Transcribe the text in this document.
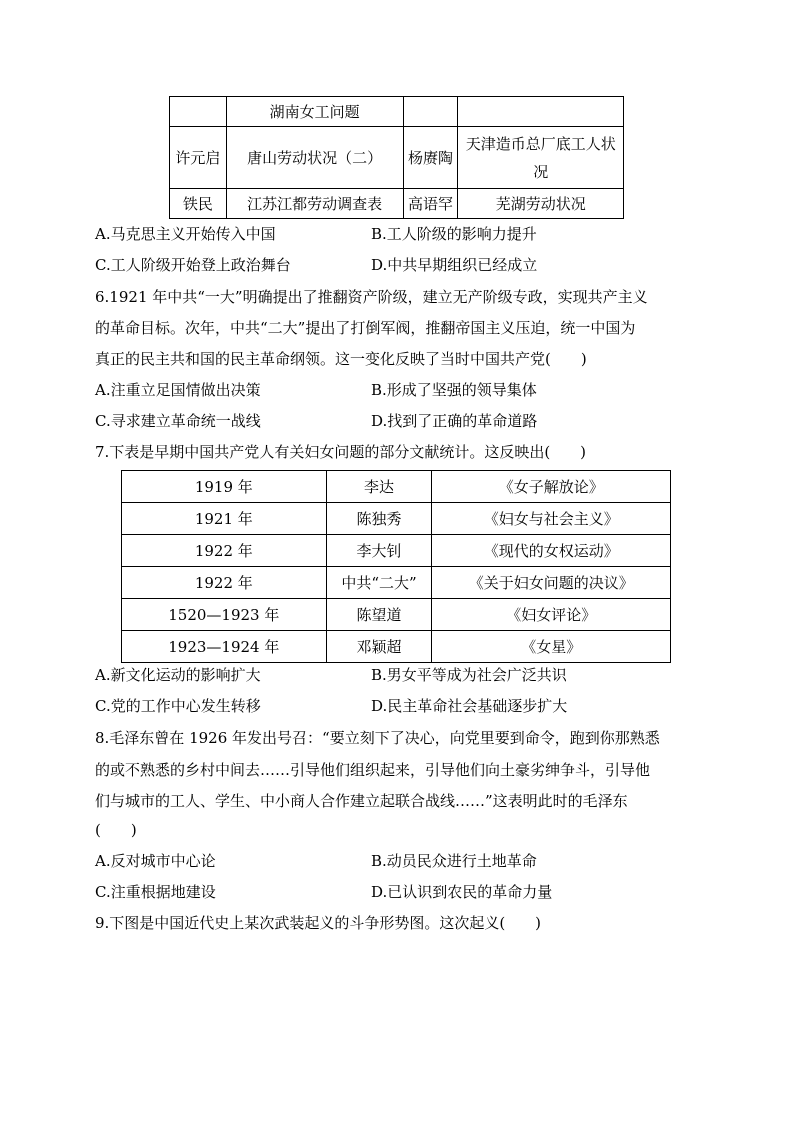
	湖南女工问题		
许元启	唐山劳动状况（二）	杨赓陶	天津造币总厂底工人状况
铁民	江苏江都劳动调查表	高语罕	芜湖劳动状况
A.马克思主义开始传入中国	B.工人阶级的影响力提升
C.工人阶级开始登上政治舞台	D.中共早期组织已经成立
6.1921 年中共“一大”明确提出了推翻资产阶级，建立无产阶级专政，实现共产主义
的革命目标。次年，中共“二大”提出了打倒军阀，推翻帝国主义压迫，统一中国为
真正的民主共和国的民主革命纲领。这一变化反映了当时中国共产党(　　)
A.注重立足国情做出决策	B.形成了坚强的领导集体
C.寻求建立革命统一战线	D.找到了正确的革命道路
7.下表是早期中国共产党人有关妇女问题的部分文献统计。这反映出(　　)
1919 年	李达	《女子解放论》
1921 年	陈独秀	《妇女与社会主义》
1922 年	李大钊	《现代的女权运动》
1922 年	中共“二大”	《关于妇女问题的决议》
1520—1923 年	陈望道	《妇女评论》
1923—1924 年	邓颖超	《女星》
A.新文化运动的影响扩大	B.男女平等成为社会广泛共识
C.党的工作中心发生转移	D.民主革命社会基础逐步扩大
8.毛泽东曾在 1926 年发出号召：“要立刻下了决心，向党里要到命令，跑到你那熟悉
的或不熟悉的乡村中间去……引导他们组织起来，引导他们向土豪劣绅争斗，引导他
们与城市的工人、学生、中小商人合作建立起联合战线……”这表明此时的毛泽东
(　　)
A.反对城市中心论	B.动员民众进行土地革命
C.注重根据地建设	D.已认识到农民的革命力量
9.下图是中国近代史上某次武装起义的斗争形势图。这次起义(　　)
